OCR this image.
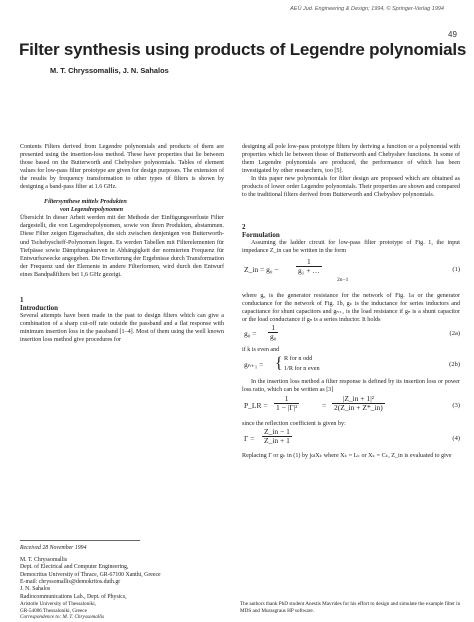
AEÜ Jud. Engineering & Design; 1994, © Springer-Verlag 1994
49
Filter synthesis using products of Legendre polynomials
M. T. Chryssomallis, J. N. Sahalos

Contents Filters derived from Legendre polynomials and products of them are presented using the insertion-loss method. These have properties that lie between those based on the Butterworth and Chebyshev polynomials. Tables of element values for low-pass filter prototype are given for design purposes. The extension of the results by frequency transformation to other types of filters is shown by designing a band-pass filter at 1.6 GHz.

Filtersynthese mittels Produkten

von Legendrepolynomen

Übersicht In dieser Arbeit werden mit der Methode der Einfügungsverluste Filter dargestellt, die von Legendrepolynomen, sowie von ihren Produkten, abstammen. Diese Filter zeigen Eigenschaften, die sich zwischen denjenigen von Butterworth- und Tschebyscheff-Polynomen liegen. Es werden Tabellen mit Filterelementen für Tiefpässe sowie Dämpfungskurven in Abhängigkeit der normierten Frequenz für Entwurfszwecke angegeben. Die Erweiterung der Ergebnisse durch Transformation der Frequenz und der Elemente in andere Filterformen, wird durch den Entwurf eines Bandpaßfilters bei 1,6 GHz gezeigt.

1

Introduction

Several attempts have been made in the past to design filters which can give a combination of a sharp cut-off rate outside the passband and a flat response with minimum insertion loss in the passband [1–4]. Most of them using the well known insertion loss method give procedures for

Received 28 November 1994
M. T. Chryssomallis
Dept. of Electrical and Computer Engineering,
Democritus University of Thrace, GR-67100 Xanthi, Greece
E-mail: chryssomallis@demokritos.duth.gr
J. N. Sahalos
Radiocommunications Lab., Dept. of Physics,
Aristotle University of Thessaloniki,
GR-54006 Thessaloniki, Greece
Correspondence to: M. T. Chryssomallis
The authors thank PhD student Anestis Mavrides for his effort to design and simulate the example filter in MDS and Murasgraus HP software.

designing all pole low-pass prototype filters by deriving a function or a polynomial with properties which lie between those of Butterworth and Chebyshev functions. In some of them Legendre polynomials are produced, the performance of which has been investigated by other researchers, too [5].

In this paper new polynomials for filter design are proposed which are obtained as products of lower order Legendre polynomials. Their properties are shown and compared to the traditional filters derived from Butterworth and Chebyshev polynomials.

2

Formulation

Assuming the ladder circuit for low-pass filter prototype of Fig. 1, the input impedance Z_in can be written in the form

Z_in = $g_0 - \frac{1}{\text{g₁ + …}}$
2n−1
(1)

where g₀ is the generator resistance for the network of Fig. 1a or the generator conductance for the network of Fig. 1b, gₖ is the inductance for series inductors and capacitance for shunt capacitors and gₙ₊₁ is the load resistance if gₙ is a shunt capacitor or the load conductance if gₙ is a series inductor. It holds

$g_0 = \frac{1}{\text{g₀}}$	(2a)

if k is even and

gₙ₊₁ = { R for n odd
1/R for n even
(2b)

In the insertion loss method a filter response is defined by its insertion loss or power loss ratio, which can be written as [3]

P_LR = $\frac{1}{\text{1 − |Γ|²}}$	= $\frac{\text{|Z\_in + 1|²}}{2(Z\_in + Z*\_in)}$	(3)

since the reflection coefficient is given by:

$\Gamma = \frac{Z\_in - 1}{Z\_in + 1}$	(4)

Replacing Γ or gₖ in (1) by jωXₖ where Xₖ = Lₖ or Xₖ = Cₖ, Z_in is evaluated to give
